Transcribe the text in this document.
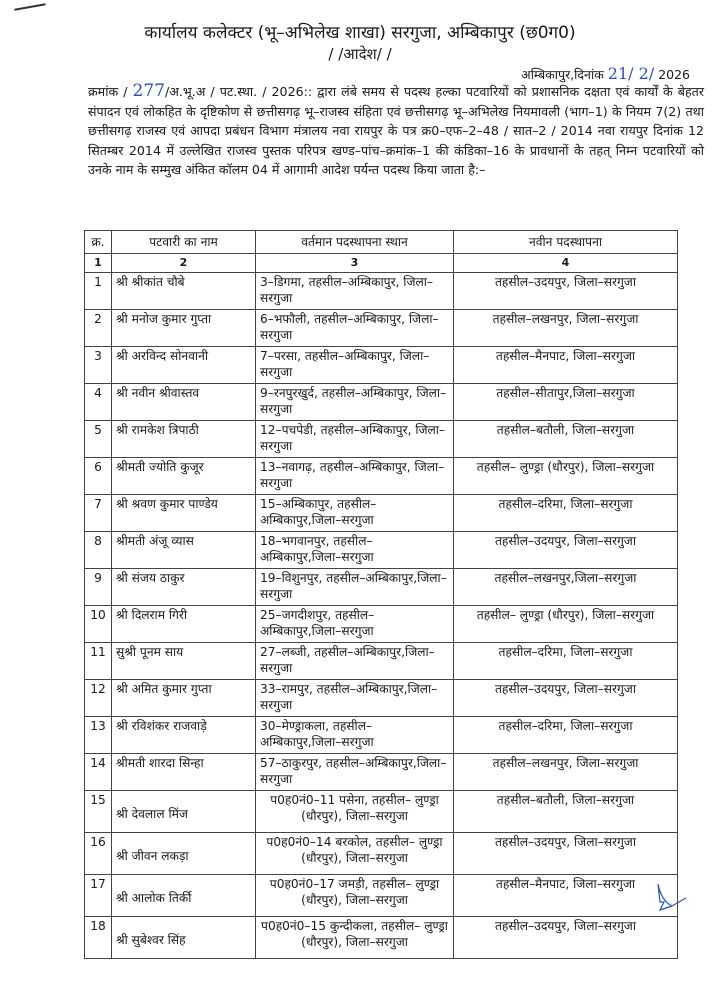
कार्यालय कलेक्टर (भू–अभिलेख शाखा) सरगुजा, अम्बिकापुर (छ0ग0)
/ /आदेश/ /
अम्बिकापुर,दिनांक 21/ 2/ 2026
क्रमांक / 277/अ.भू.अ / पट.स्था. / 2026:: द्वारा लंबे समय से पदस्थ हल्का पटवारियों को प्रशासनिक दक्षता एवं कार्यों के बेहतर संपादन एवं लोकहित के दृष्टिकोण से छत्तीसगढ़ भू–राजस्व संहिता एवं छत्तीसगढ़ भू–अभिलेख नियमावली (भाग–1) के नियम 7(2) तथा छत्तीसगढ़ राजस्व एवं आपदा प्रबंधन विभाग मंत्रालय नवा रायपुर के पत्र क्र0–एफ–2–48 / सात–2 / 2014 नवा रायपुर दिनांक 12 सितम्बर 2014 में उल्लेखित राजस्व पुस्तक परिपत्र खण्ड–पांच–क्रमांक–1 की कंडिका–16 के प्रावधानों के तहत् निम्न पटवारियों को उनके नाम के सम्मुख अंकित कॉलम 04 में आगामी आदेश पर्यन्त पदस्थ किया जाता है:–
क्र.	पटवारी का नाम	वर्तमान पदस्थापना स्थान	नवीन पदस्थापना
1	2	3	4
1	श्री श्रीकांत चौबे	3–डिगमा, तहसील–अम्बिकापुर, जिला–सरगुजा	तहसील–उदयपुर, जिला–सरगुजा
2	श्री मनोज कुमार गुप्ता	6–भफौली, तहसील–अम्बिकापुर, जिला–सरगुजा	तहसील–लखनपुर, जिला–सरगुजा
3	श्री अरविन्द सोनवानी	7–परसा, तहसील–अम्बिकापुर, जिला–सरगुजा	तहसील–मैनपाट, जिला–सरगुजा
4	श्री नवीन श्रीवास्तव	9–रनपुरखुर्द, तहसील–अम्बिकापुर, जिला–सरगुजा	तहसील–सीतापुर,जिला–सरगुजा
5	श्री रामकेश त्रिपाठी	12–पचपेडी, तहसील–अम्बिकापुर, जिला–सरगुजा	तहसील–बतौली, जिला–सरगुजा
6	श्रीमती ज्योति कुजूर	13–नवागढ़, तहसील–अम्बिकापुर, जिला–सरगुजा	तहसील– लुण्ड्रा (धौरपुर), जिला–सरगुजा
7	श्री श्रवण कुमार पाण्डेय	15–अम्बिकापुर, तहसील–अम्बिकापुर,जिला–सरगुजा	तहसील–दरिमा, जिला–सरगुजा
8	श्रीमती अंजू व्यास	18–भगवानपुर, तहसील–अम्बिकापुर,जिला–सरगुजा	तहसील–उदयपुर, जिला–सरगुजा
9	श्री संजय ठाकुर	19–विशुनपुर, तहसील–अम्बिकापुर,जिला–सरगुजा	तहसील–लखनपुर,जिला–सरगुजा
10	श्री दिलराम गिरी	25–जगदीशपुर, तहसील–अम्बिकापुर,जिला–सरगुजा	तहसील– लुण्ड्रा (धौरपुर), जिला–सरगुजा
11	सुश्री पूनम साय	27–लब्जी, तहसील–अम्बिकापुर,जिला–सरगुजा	तहसील–दरिमा, जिला–सरगुजा
12	श्री अमित कुमार गुप्ता	33–रामपुर, तहसील–अम्बिकापुर,जिला–सरगुजा	तहसील–उदयपुर, जिला–सरगुजा
13	श्री रविशंकर राजवाड़े	30–मेण्ड्राकला, तहसील–अम्बिकापुर,जिला–सरगुजा	तहसील–दरिमा, जिला–सरगुजा
14	श्रीमती शारदा सिन्हा	57–ठाकुरपुर, तहसील–अम्बिकापुर,जिला–सरगुजा	तहसील–लखनपुर, जिला–सरगुजा
15	श्री देवलाल मिंज	प0ह0नं0–11 पसेना, तहसील– लुण्ड्रा (धौरपुर), जिला–सरगुजा	तहसील–बतौली, जिला–सरगुजा
16	श्री जीवन लकड़ा	प0ह0नं0–14 बरकोल, तहसील– लुण्ड्रा (धौरपुर), जिला–सरगुजा	तहसील–उदयपुर, जिला–सरगुजा
17	श्री आलोक तिर्की	प0ह0नं0–17 जमड़ी, तहसील– लुण्ड्रा (धौरपुर), जिला–सरगुजा	तहसील–मैनपाट, जिला–सरगुजा
18	श्री सुबेश्वर सिंह	प0ह0नं0–15 कुन्दीकला, तहसील– लुण्ड्रा (धौरपुर), जिला–सरगुजा	तहसील–उदयपुर, जिला–सरगुजा
